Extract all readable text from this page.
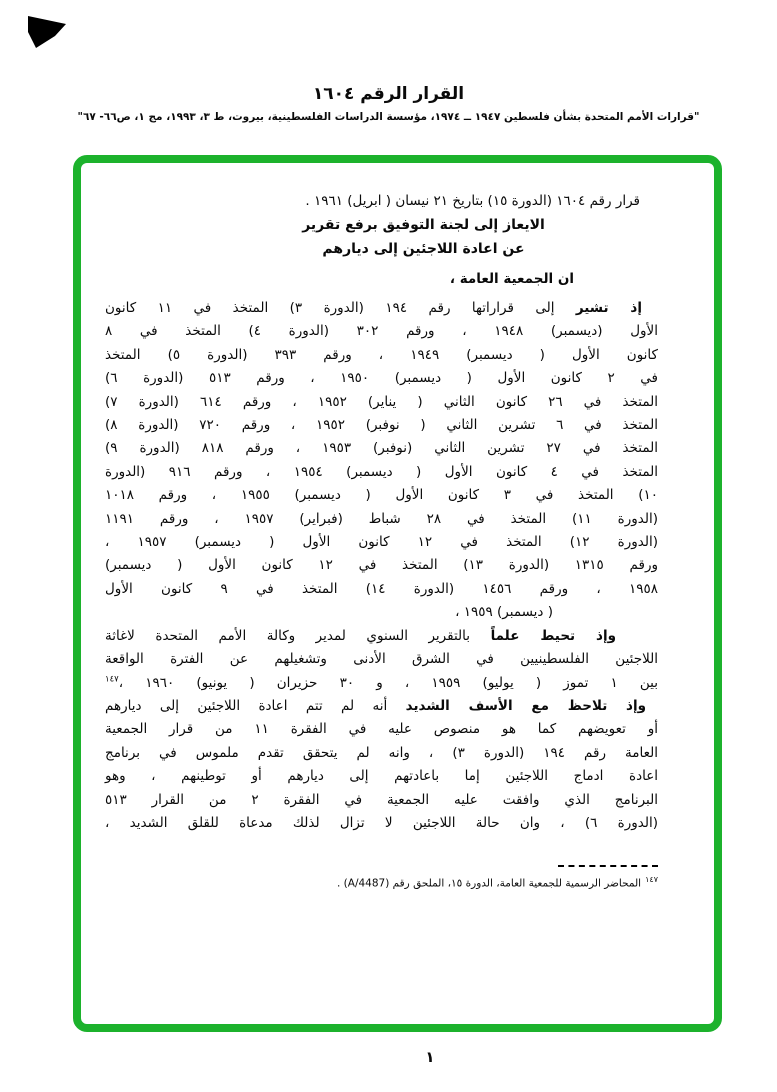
القرار الرقم ١٦٠٤
"قرارات الأمم المتحدة بشأن فلسطين ١٩٤٧ ــ ١٩٧٤، مؤسسة الدراسات الفلسطينية، بيروت، ط ٣، ١٩٩٣، مج ١، ص٦٦- ٦٧"
قرار رقم ١٦٠٤ (الدورة ١٥) بتاريخ ٢١ نيسان ( ابريل) ١٩٦١ .
الايعاز إلى لجنة التوفيق برفع تقرير
عن اعادة اللاجئين إلى ديارهم
ان الجمعية العامة ،
إذ تشير إلى قراراتها رقم ١٩٤ (الدورة ٣) المتخذ في ١١ كانون
الأول (ديسمبر) ١٩٤٨ ، ورقم ٣٠٢ (الدورة ٤) المتخذ في ٨
كانون الأول ( ديسمبر) ١٩٤٩ ، ورقم ٣٩٣ (الدورة ٥) المتخذ
في ٢ كانون الأول ( ديسمبر) ١٩٥٠ ، ورقم ٥١٣ (الدورة ٦)
المتخذ في ٢٦ كانون الثاني ( يناير) ١٩٥٢ ، ورقم ٦١٤ (الدورة ٧)
المتخذ في ٦ تشرين الثاني ( نوفبر) ١٩٥٢ ، ورقم ٧٢٠ (الدورة ٨)
المتخذ في ٢٧ تشرين الثاني (نوفبر) ١٩٥٣ ، ورقم ٨١٨ (الدورة ٩)
المتخذ في ٤ كانون الأول ( ديسمبر) ١٩٥٤ ، ورقم ٩١٦ (الدورة
١٠) المتخذ في ٣ كانون الأول ( ديسمبر) ١٩٥٥ ، ورقم ١٠١٨
(الدورة ١١) المتخذ في ٢٨ شباط (فبراير) ١٩٥٧ ، ورقم ١١٩١
(الدورة ١٢) المتخذ في ١٢ كانون الأول ( ديسمبر) ١٩٥٧ ،
ورقم ١٣١٥ (الدورة ١٣) المتخذ في ١٢ كانون الأول ( ديسمبر)
١٩٥٨ ، ورقم ١٤٥٦ (الدورة ١٤) المتخذ في ٩ كانون الأول
( ديسمبر) ١٩٥٩ ،
وإذ تحيط علماً بالتقرير السنوي لمدير وكالة الأمم المتحدة لاغاثة
اللاجئين الفلسطينيين في الشرق الأدنى وتشغيلهم عن الفترة الواقعة
بين ١ تموز ( يوليو) ١٩٥٩ ، و ٣٠ حزيران ( يونيو) ١٩٦٠ ،$^{١٤٧}$
وإذ تلاحظ مع الأسف الشديد أنه لم تتم اعادة اللاجئين إلى ديارهم
أو تعويضهم كما هو منصوص عليه في الفقرة ١١ من قرار الجمعية
العامة رقم ١٩٤ (الدورة ٣) ، وانه لم يتحقق تقدم ملموس في برنامج
اعادة ادماج اللاجئين إما باعادتهم إلى ديارهم أو توطينهم ، وهو
البرنامج الذي وافقت عليه الجمعية في الفقرة ٢ من القرار ٥١٣
(الدورة ٦) ، وان حالة اللاجئين لا تزال لذلك مدعاة للقلق الشديد ،
$^{١٤٧}$المحاضر الرسمية للجمعية العامة، الدورة ١٥، الملحق رقم (A/4487) .
١
